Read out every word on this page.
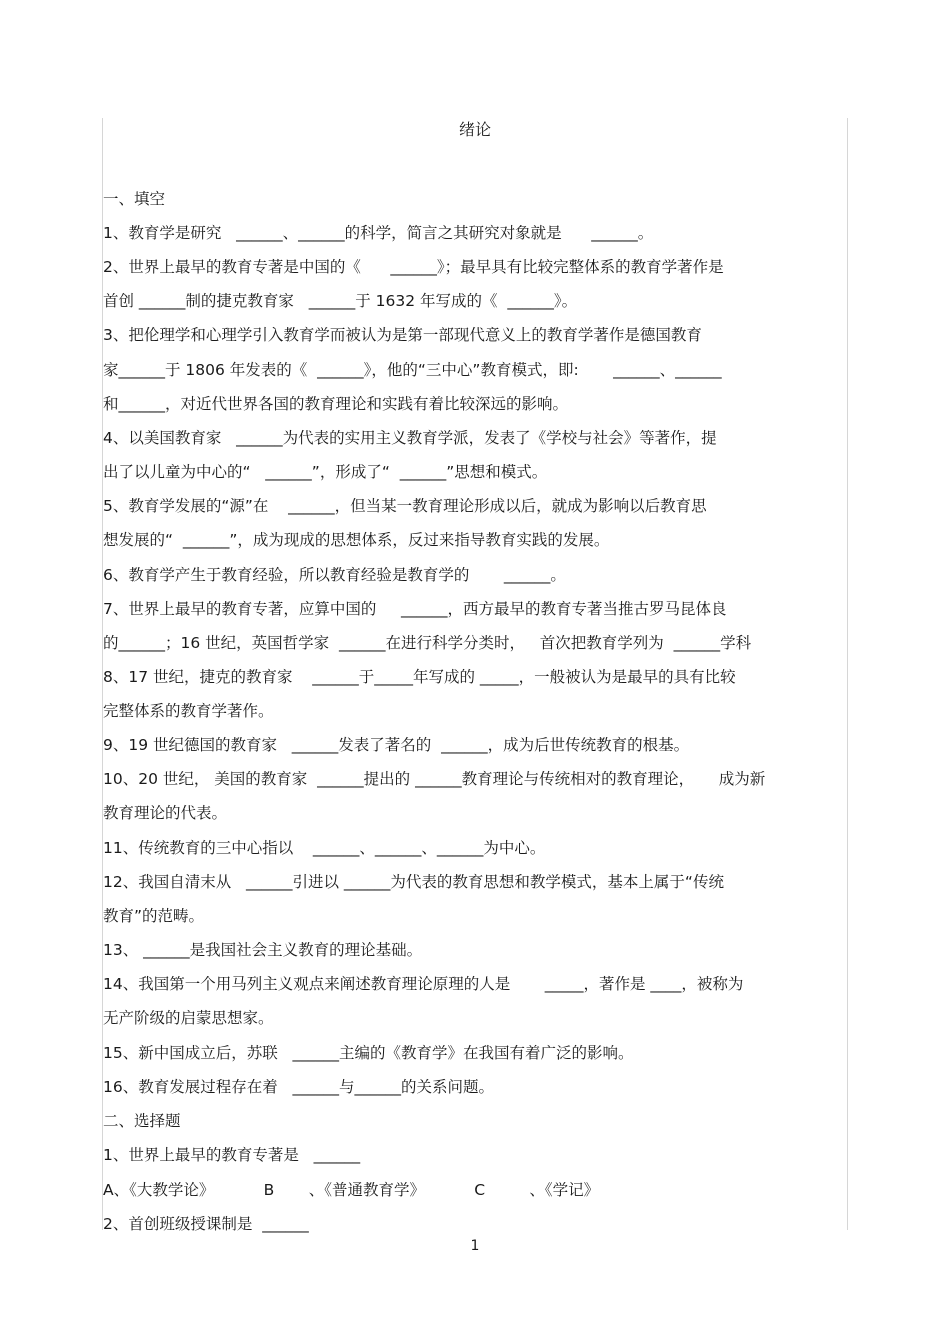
绪论
一、填空
1、教育学是研究   ______、______的科学，简言之其研究对象就是      ______。
2、世界上最早的教育专著是中国的《      ______》；最早具有比较完整体系的教育学著作是
首创 ______制的捷克教育家   ______于 1632 年写成的《  ______》。
3、把伦理学和心理学引入教育学而被认为是第一部现代意义上的教育学著作是德国教育
家______于 1806 年发表的《  ______》，他的“三中心”教育模式，即:       ______、______
和______，对近代世界各国的教育理论和实践有着比较深远的影响。
4、以美国教育家   ______为代表的实用主义教育学派，发表了《学校与社会》等著作，提
出了以儿童为中心的“   ______”，形成了“  ______”思想和模式。
5、教育学发展的“源”在    ______，但当某一教育理论形成以后，就成为影响以后教育思
想发展的“  ______”，成为现成的思想体系，反过来指导教育实践的发展。
6、教育学产生于教育经验，所以教育经验是教育学的       ______。
7、世界上最早的教育专著，应算中国的     ______，西方最早的教育专著当推古罗马昆体良
的______；16 世纪，英国哲学家  ______在进行科学分类时，   首次把教育学列为  ______学科
8、17 世纪，捷克的教育家    ______于_____年写成的 _____，一般被认为是最早的具有比较
完整体系的教育学著作。
9、19 世纪德国的教育家   ______发表了著名的  ______，成为后世传统教育的根基。
10、20 世纪， 美国的教育家  ______提出的 ______教育理论与传统相对的教育理论，     成为新
教育理论的代表。
11、传统教育的三中心指以    ______、______、______为中心。
12、我国自清末从   ______引进以 ______为代表的教育思想和教学模式，基本上属于“传统
教育”的范畴。
13、 ______是我国社会主义教育的理论基础。
14、我国第一个用马列主义观点来阐述教育理论原理的人是       _____，著作是 ____，被称为
无产阶级的启蒙思想家。
15、新中国成立后，苏联   ______主编的《教育学》在我国有着广泛的影响。
16、教育发展过程存在着   ______与______的关系问题。
二、选择题
1、世界上最早的教育专著是   ______
A、《大教学论》          B       、《普通教育学》          C         、《学记》
2、首创班级授课制是  ______
1
